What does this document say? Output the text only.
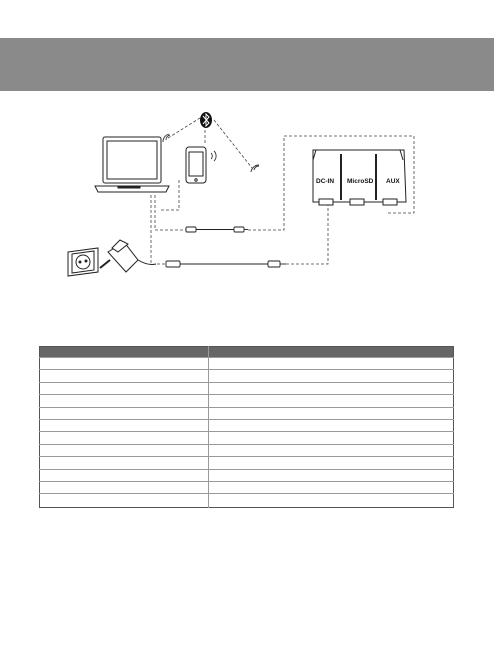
DC-IN MicroSD AUX
